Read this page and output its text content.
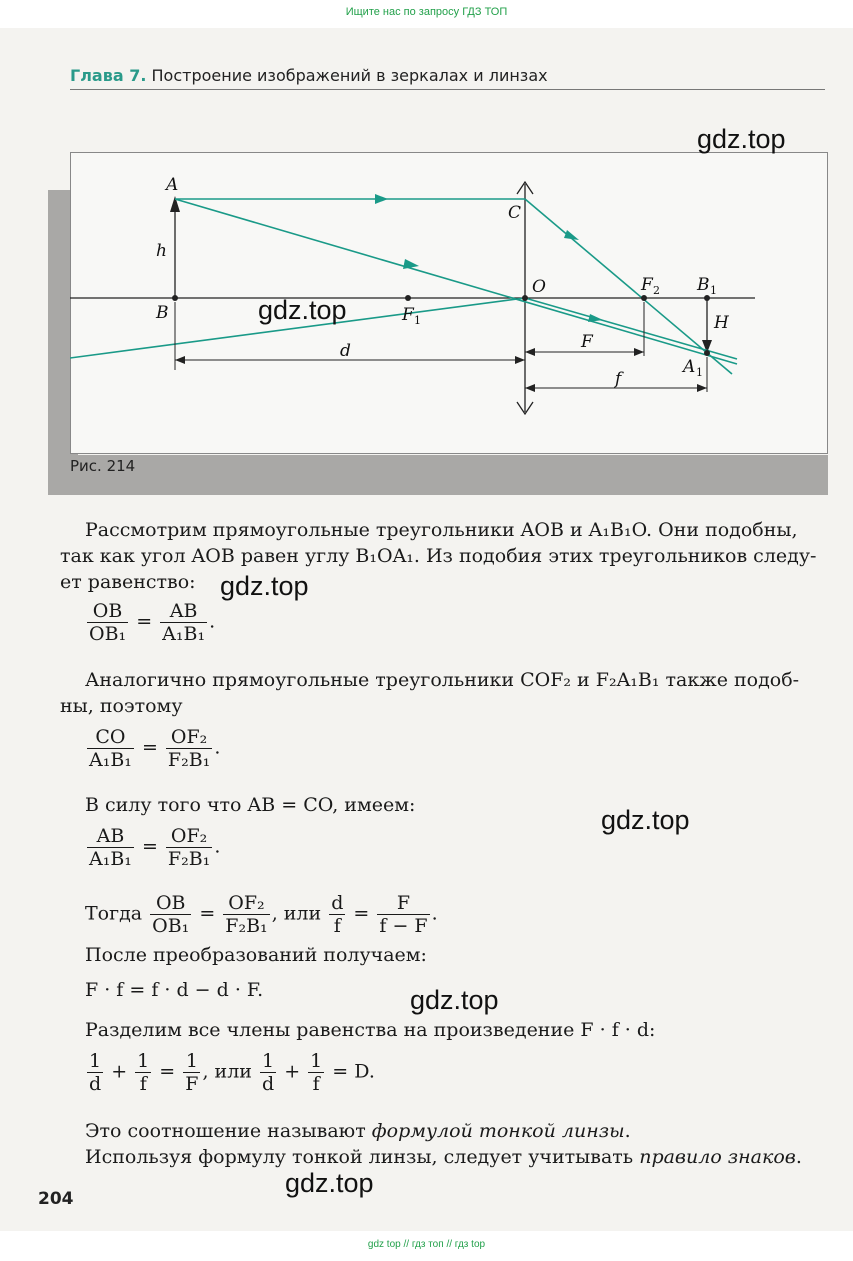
Ищите нас по запросу ГДЗ ТОП
Глава 7. Построение изображений в зеркалах и линзах
A
h
B	F 1
C
O	F 2 B 1
H
A 1
d	F
f
Рис. 214
gdz.top
gdz.top
gdz.top
gdz.top
gdz.top
gdz.top
Рассмотрим прямоугольные треугольники AOB и A₁B₁O. Они подобны,
так как угол AOB равен углу B₁OA₁. Из подобия этих треугольников следу-
ет равенство:
$\frac{OB}{\text{OB₁}} = \frac{AB}{\text{A₁B₁}}$ .
Аналогично прямоугольные треугольники COF₂ и F₂A₁B₁ также подоб-
ны, поэтому
$\frac{CO}{\text{A₁B₁}} = \frac{\text{OF₂}}{\text{F₂B₁}}$ .
В силу того что AB = CO, имеем:
$\frac{AB}{\text{A₁B₁}} = \frac{\text{OF₂}}{\text{F₂B₁}}$ .
Тогда $\frac{OB}{\text{OB₁}} = \frac{\text{OF₂}}{\text{F₂B₁}}$ , или $\frac{d}{f} = \frac{F}{f - F}$ .
После преобразований получаем:
F · f = f · d − d · F.
Разделим все члены равенства на произведение F · f · d:
$\frac{1}{d} + \frac{1}{f} = \frac{1}{F}$ , или $\frac{1}{d} + \frac{1}{f} = D$.
Это соотношение называют формулой тонкой линзы.
Используя формулу тонкой линзы, следует учитывать правило знаков.
204
gdz top // гдз топ // гдз top
